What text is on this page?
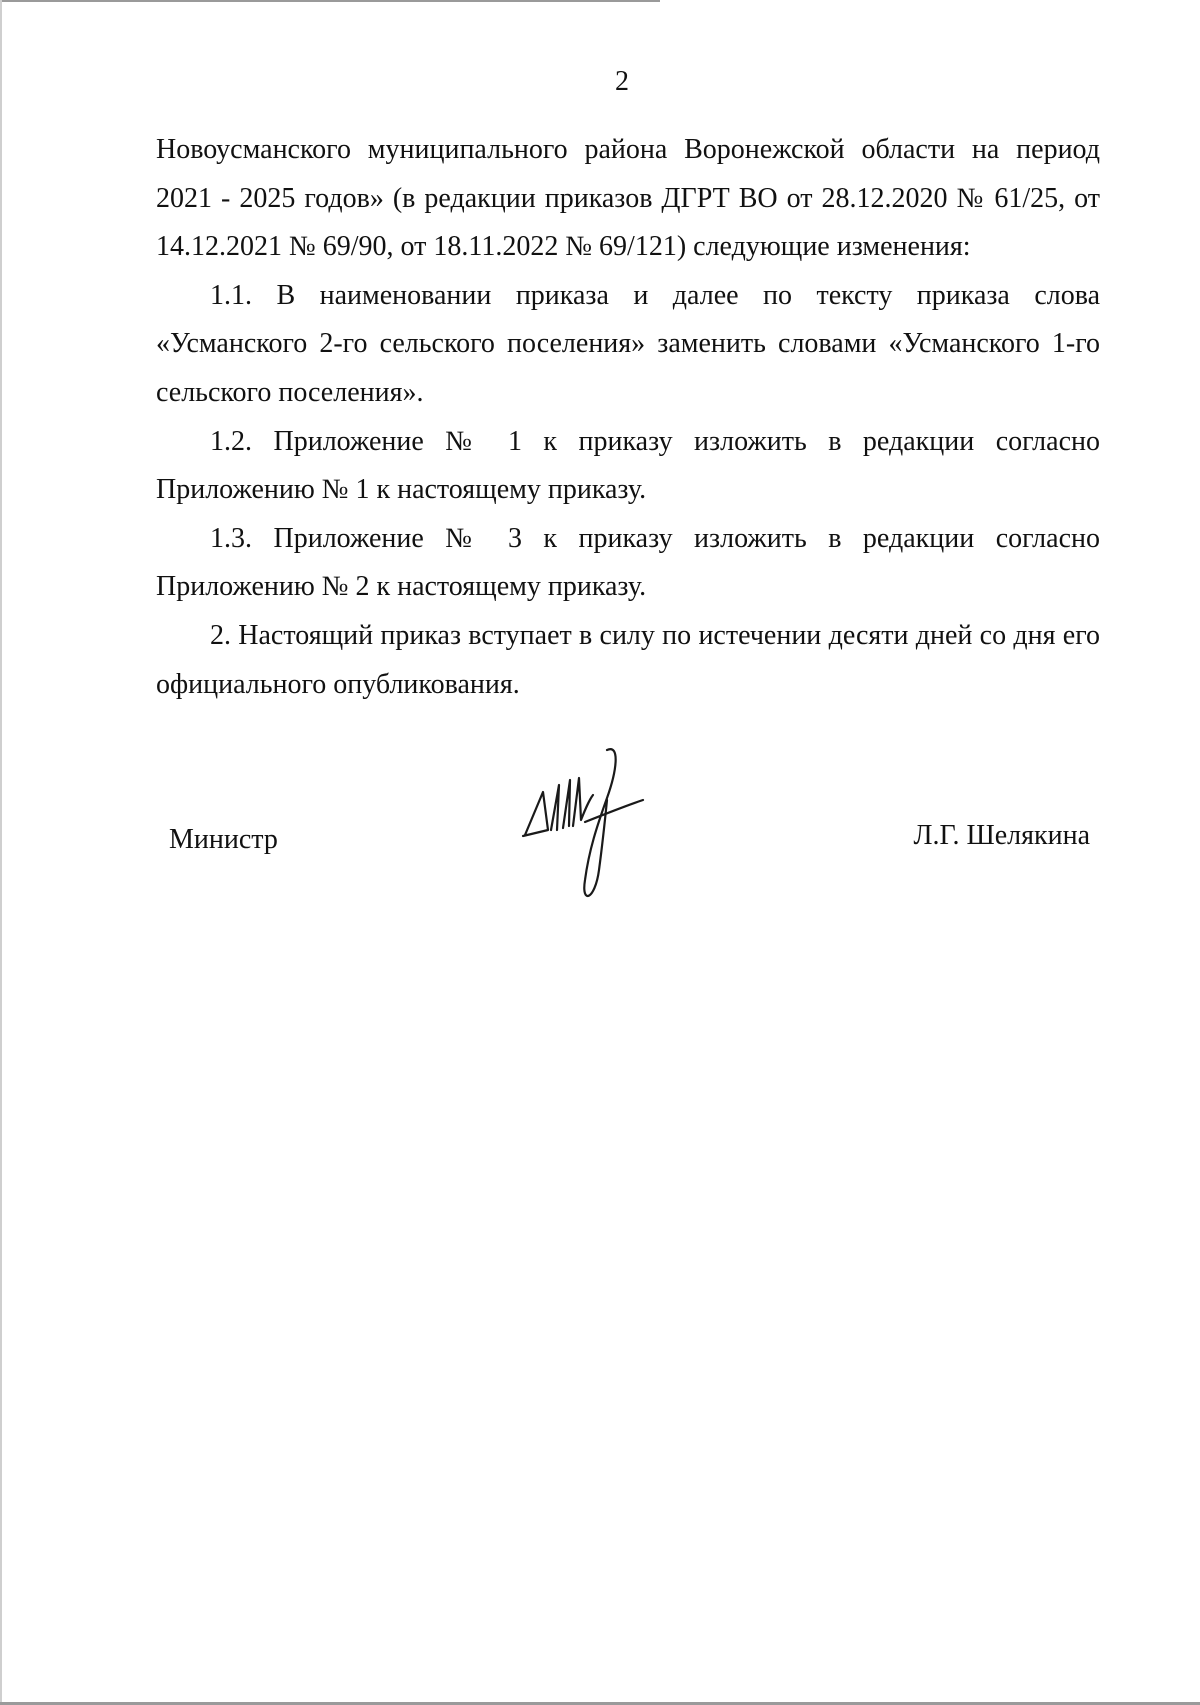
2

Новоусманского муниципального района Воронежской области на период 2021 - 2025 годов» (в редакции приказов ДГРТ ВО от 28.12.2020 № 61/25, от 14.12.2021 № 69/90, от 18.11.2022 № 69/121) следующие изменения:

1.1. В наименовании приказа и далее по тексту приказа слова «Усманского 2-го сельского поселения» заменить словами «Усманского 1-го сельского поселения».

1.2. Приложение № 1 к приказу изложить в редакции согласно Приложению № 1 к настоящему приказу.

1.3. Приложение № 3 к приказу изложить в редакции согласно Приложению № 2 к настоящему приказу.

2. Настоящий приказ вступает в силу по истечении десяти дней со дня его официального опубликования.

Министр	Л.Г. Шелякина
